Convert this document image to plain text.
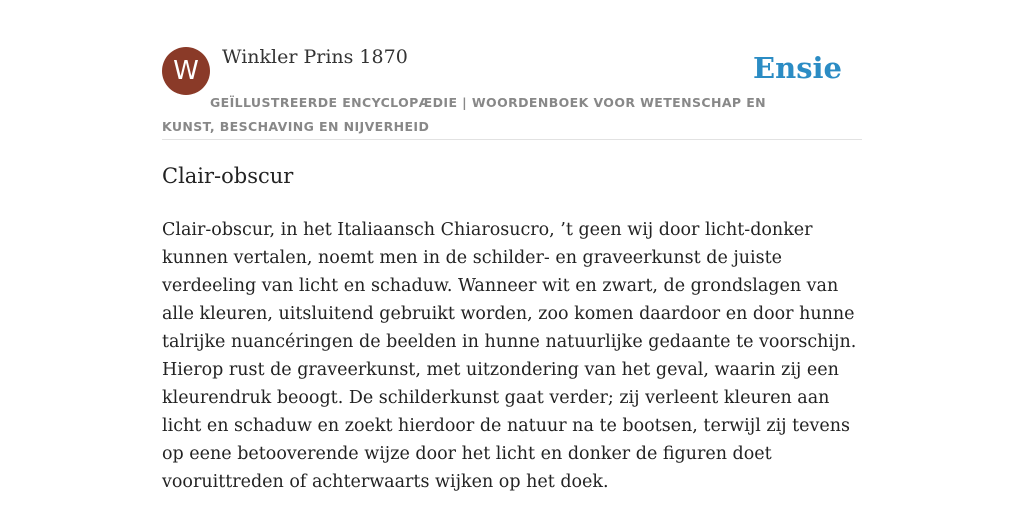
W	Winkler Prins 1870	Ensie
GEÏLLUSTREERDE ENCYCLOPÆDIE | WOORDENBOEK VOOR WETENSCHAP EN KUNST, BESCHAVING EN NIJVERHEID
Clair-obscur

Clair-obscur, in het Italiaansch Chiarosucro, ’t geen wij door licht-donker kunnen vertalen, noemt men in de schilder- en graveerkunst de juiste verdeeling van licht en schaduw. Wanneer wit en zwart, de grondslagen van alle kleuren, uitsluitend gebruikt worden, zoo komen daardoor en door hunne talrijke nuancéringen de beelden in hunne natuurlijke gedaante te voorschijn. Hierop rust de graveerkunst, met uitzondering van het geval, waarin zij een kleurendruk beoogt. De schilderkunst gaat verder; zij verleent kleuren aan licht en schaduw en zoekt hierdoor de natuur na te bootsen, terwijl zij tevens op eene betooverende wijze door het licht en donker de figuren doet vooruittreden of achterwaarts wijken op het doek.
